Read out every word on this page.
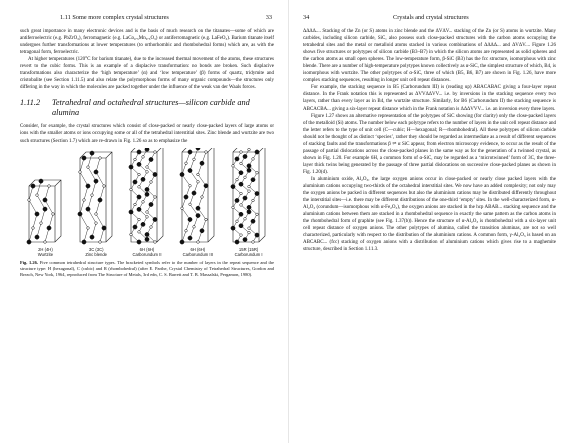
1.11 Some more complex crystal structures	33

such great importance in many electronic devices and is the basis of much research on the titanates—some of which are antiferroelectric (e.g. PbZrO₃), ferromagnetic (e.g. LaCo₀.₅Mn₀.₅O₃) or antiferromagnetic (e.g. LaFeO₃). Barium titanate itself undergoes further transformations at lower temperatures (to orthorhombic and rhombohedral forms) which are, as with the tetragonal form, ferroelectric.

At higher temperatures (120°C for barium titanate), due to the increased thermal movement of the atoms, these structures revert to the cubic forms. This is an example of a displacive transformation: no bonds are broken. Such displacive transformations also characterize the ‘high temperature’ (α) and ‘low temperature’ (β) forms of quartz, tridymite and cristobalite (see Section 1.11.5) and also relate the polymorphous forms of many organic compounds—the structures only differing in the way in which the molecules are packed together under the influence of the weak van der Waals forces.

1.11.2	Tetrahedral and octahedral structures—silicon carbide and alumina

Consider, for example, the crystal structures which consist of close-packed or nearly close-packed layers of large atoms or ions with the smaller atoms or ions occupying some or all of the tetrahedral interstitial sites. Zinc blende and wurtzite are two such structures (Section 1.7) which are re-drawn in Fig. 1.26 so as to emphasize the

2H (4H)
Wurtzite
3C (3C)
Zinc blende
6H (6H)
Carborundum II
6H (6H)
Carborundum III
15R (15R)
Carborundum I
Fig. 1.26. Five common tetrahedral structure types. The bracketed symbols refer to the number of layers in the repeat sequence and the structure type: H (hexagonal), C (cubic) and R (rhombohedral) (after E. Parthe, Crystal Chemistry of Tetrahedral Structures, Gordon and Breach, New York, 1964, reproduced from The Structure of Metals, 3rd edn, C. S. Barrett and T. B. Massalski, Pergamon, 1980).
34	Crystals and crystal structures

ΔΔΔΔ.... Stacking of the Zn (or S) atoms in zinc blende and the ΔVΔV... stacking of the Zn (or S) atoms in wurtzite. Many carbides, including silicon carbide, SiC, also possess such close-packed structures with the carbon atoms occupying the tetrahedral sites and the metal or metalloid atoms stacked in various combinations of ΔΔΔΔ... and ΔVΔV.... Figure 1.26 shows five structures or polytypes of silicon carbide (B3–B7) in which the silicon atoms are represented as solid spheres and the carbon atoms as small open spheres. The low-temperature form, β-SiC (B3) has the fcc structure, isomorphous with zinc blende. There are a number of high-temperature polytypes known collectively as α-SiC, the simplest structure of which, B4, is isomorphous with wurtzite. The other polytypes of α-SiC, three of which (B5, B6, B7) are shown in Fig. 1.26, have more complex stacking sequences, resulting in longer unit cell repeat distances.

For example, the stacking sequence in B5 (Carborundum III) is (reading up) ABACABAC giving a four-layer repeat distance. In the Frank notation this is represented as ΔVVΔΔVV... i.e. by inversions in the stacking sequence every two layers, rather than every layer as in B4, the wurtzite structure. Similarly, for B6 (Carborundum II) the stacking sequence is ABCACBA... giving a six-layer repeat distance which in the Frank notation is ΔΔΔVVV... i.e. an inversion every three layers.

Figure 1.27 shows an alternative representation of the polytypes of SiC showing (for clarity) only the close-packed layers of the metalloid (Si) atoms. The number below each polytype refers to the number of layers in the unit cell repeat distance and the letter refers to the type of unit cell (C—cubic; H—hexagonal; R—rhombohedral). All these polytypes of silicon carbide should not be thought of as distinct ‘species’, rather they should be regarded as intermediate as a result of different sequences of stacking faults and the transformations β ⇌ α SiC appear, from electron microscopy evidence, to occur as the result of the passage of partial dislocations across the close-packed planes in the same way as for the generation of a twinned crystal, as shown in Fig. 1.20. For example 6H, a common form of α-SiC, may be regarded as a ‘microtwinned’ form of 3C, the three-layer thick twins being generated by the passage of three partial dislocations on successive close-packed planes as shown in Fig. 1.20(d).

In aluminium oxide, Al₂O₃, the large oxygen anions occur in close-packed or nearly close packed layers with the aluminium cations occupying two-thirds of the octahedral interstitial sites. We now have an added complexity; not only may the oxygen anions be packed in different sequences but also the aluminium cations may be distributed differently throughout the interstitial sites—i.e. there may be different distributions of the one-third ‘empty’ sites. In the well-characterized form, α-Al₂O₃ (corundum—isomorphous with α-Fe₂O₃), the oxygen anions are stacked in the hcp ABAB... stacking sequence and the aluminium cations between them are stacked in a rhombohedral sequence in exactly the same pattern as the carbon atoms in the rhombohedral form of graphite (see Fig. 1.37(b)). Hence the structure of α-Al₂O₃ is rhombohedral with a six-layer unit cell repeat distance of oxygen anions. The other polytypes of alumina, called the transition aluminas, are not so well characterized, particularly with respect to the distribution of the aluminium cations. A common form, γ-Al₂O₃ is based on an ABCABC... (fcc) stacking of oxygen anions with a distribution of aluminium cations which gives rise to a maghemite structure, described in Section 1.11.3.
